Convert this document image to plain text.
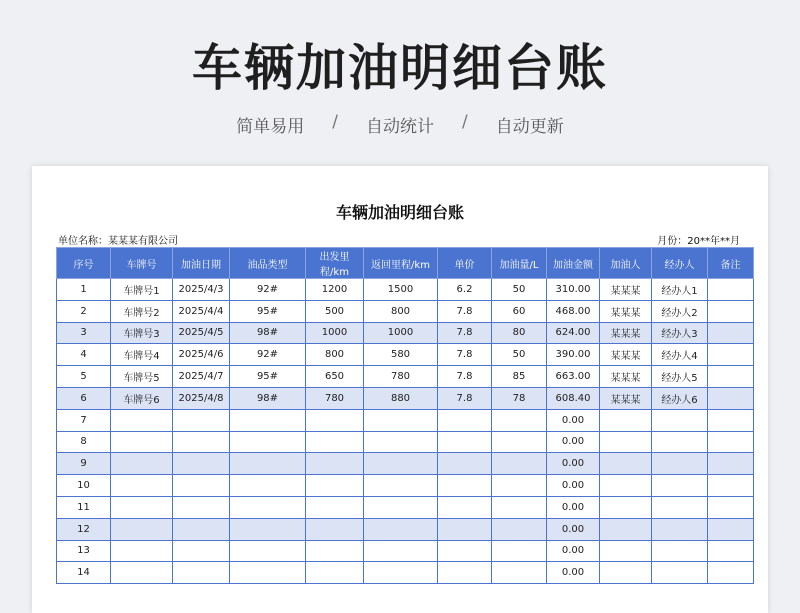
车辆加油明细台账
简单易用	/	自动统计	/	自动更新
车辆加油明细台账
单位名称：某某某有限公司	月份：20**年**月
序号	车牌号	加油日期	油品类型	出发里程/km	返回里程/km	单价	加油量/L	加油金额	加油人	经办人	备注
1	车牌号1	2025/4/3	92#	1200	1500	6.2	50	310.00	某某某	经办人1	
2	车牌号2	2025/4/4	95#	500	800	7.8	60	468.00	某某某	经办人2	
3	车牌号3	2025/4/5	98#	1000	1000	7.8	80	624.00	某某某	经办人3	
4	车牌号4	2025/4/6	92#	800	580	7.8	50	390.00	某某某	经办人4	
5	车牌号5	2025/4/7	95#	650	780	7.8	85	663.00	某某某	经办人5	
6	车牌号6	2025/4/8	98#	780	880	7.8	78	608.40	某某某	经办人6	
7								0.00			
8								0.00			
9								0.00			
10								0.00			
11								0.00			
12								0.00			
13								0.00			
14								0.00			
